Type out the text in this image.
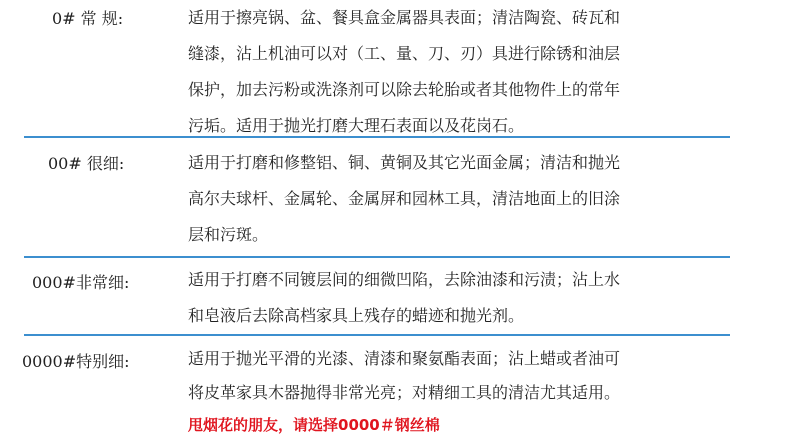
0# 常 规:	适用于擦亮锅、盆、餐具盒金属器具表面；清洁陶瓷、砖瓦和
缝漆，沾上机油可以对（工、量、刀、刃）具进行除锈和油层
保护，加去污粉或洗涤剂可以除去轮胎或者其他物件上的常年
污垢。适用于抛光打磨大理石表面以及花岗石。
00# 很细:	适用于打磨和修整铝、铜、黄铜及其它光面金属；清洁和抛光
高尔夫球杆、金属轮、金属屏和园林工具，清洁地面上的旧涂
层和污斑。
000#非常细:	适用于打磨不同镀层间的细微凹陷，去除油漆和污渍；沾上水
和皂液后去除高档家具上残存的蜡迹和抛光剂。
0000#特别细:	适用于抛光平滑的光漆、清漆和聚氨酯表面；沾上蜡或者油可
将皮革家具木器抛得非常光亮；对精细工具的清洁尤其适用。
甩烟花的朋友，请选择0000＃钢丝棉
